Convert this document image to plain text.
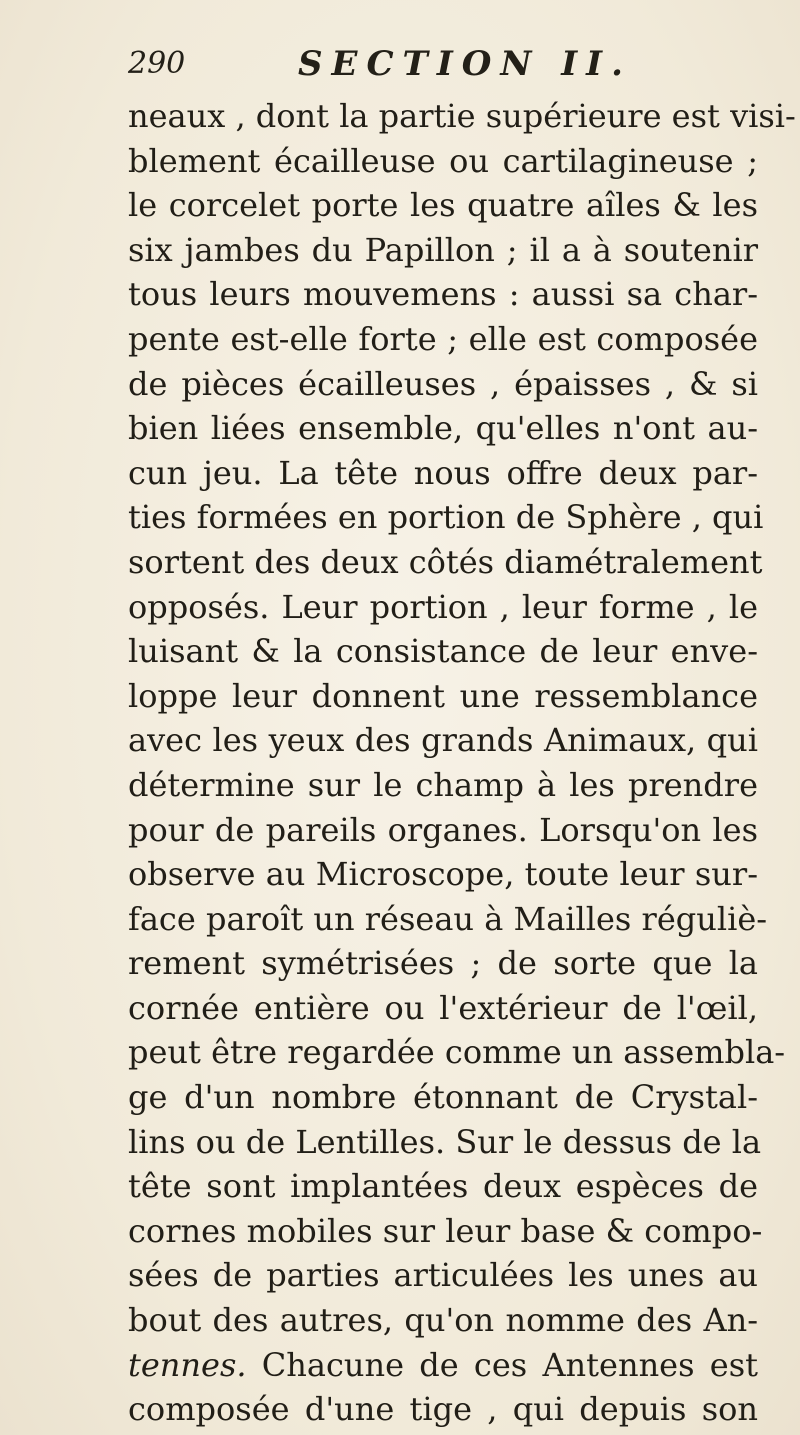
290	SECTION II.
neaux , dont la partie supérieure est visi-
blement écailleuse ou cartilagineuse ;
le corcelet porte les quatre aîles & les
six jambes du Papillon ; il a à soutenir
tous leurs mouvemens : aussi sa char-
pente est-elle forte ; elle est composée
de pièces écailleuses , épaisses , & si
bien liées ensemble, qu'elles n'ont au-
cun jeu. La tête nous offre deux par-
ties formées en portion de Sphère , qui
sortent des deux côtés diamétralement
opposés. Leur portion , leur forme , le
luisant & la consistance de leur enve-
loppe leur donnent une ressemblance
avec les yeux des grands Animaux, qui
détermine sur le champ à les prendre
pour de pareils organes. Lorsqu'on les
observe au Microscope, toute leur sur-
face paroît un réseau à Mailles réguliè-
rement symétrisées ; de sorte que la
cornée entière ou l'extérieur de l'œil,
peut être regardée comme un assembla-
ge d'un nombre étonnant de Crystal-
lins ou de Lentilles. Sur le dessus de la
tête sont implantées deux espèces de
cornes mobiles sur leur base & compo-
sées de parties articulées les unes au
bout des autres, qu'on nomme des An-
tennes. Chacune de ces Antennes est
composée d'une tige , qui depuis son
